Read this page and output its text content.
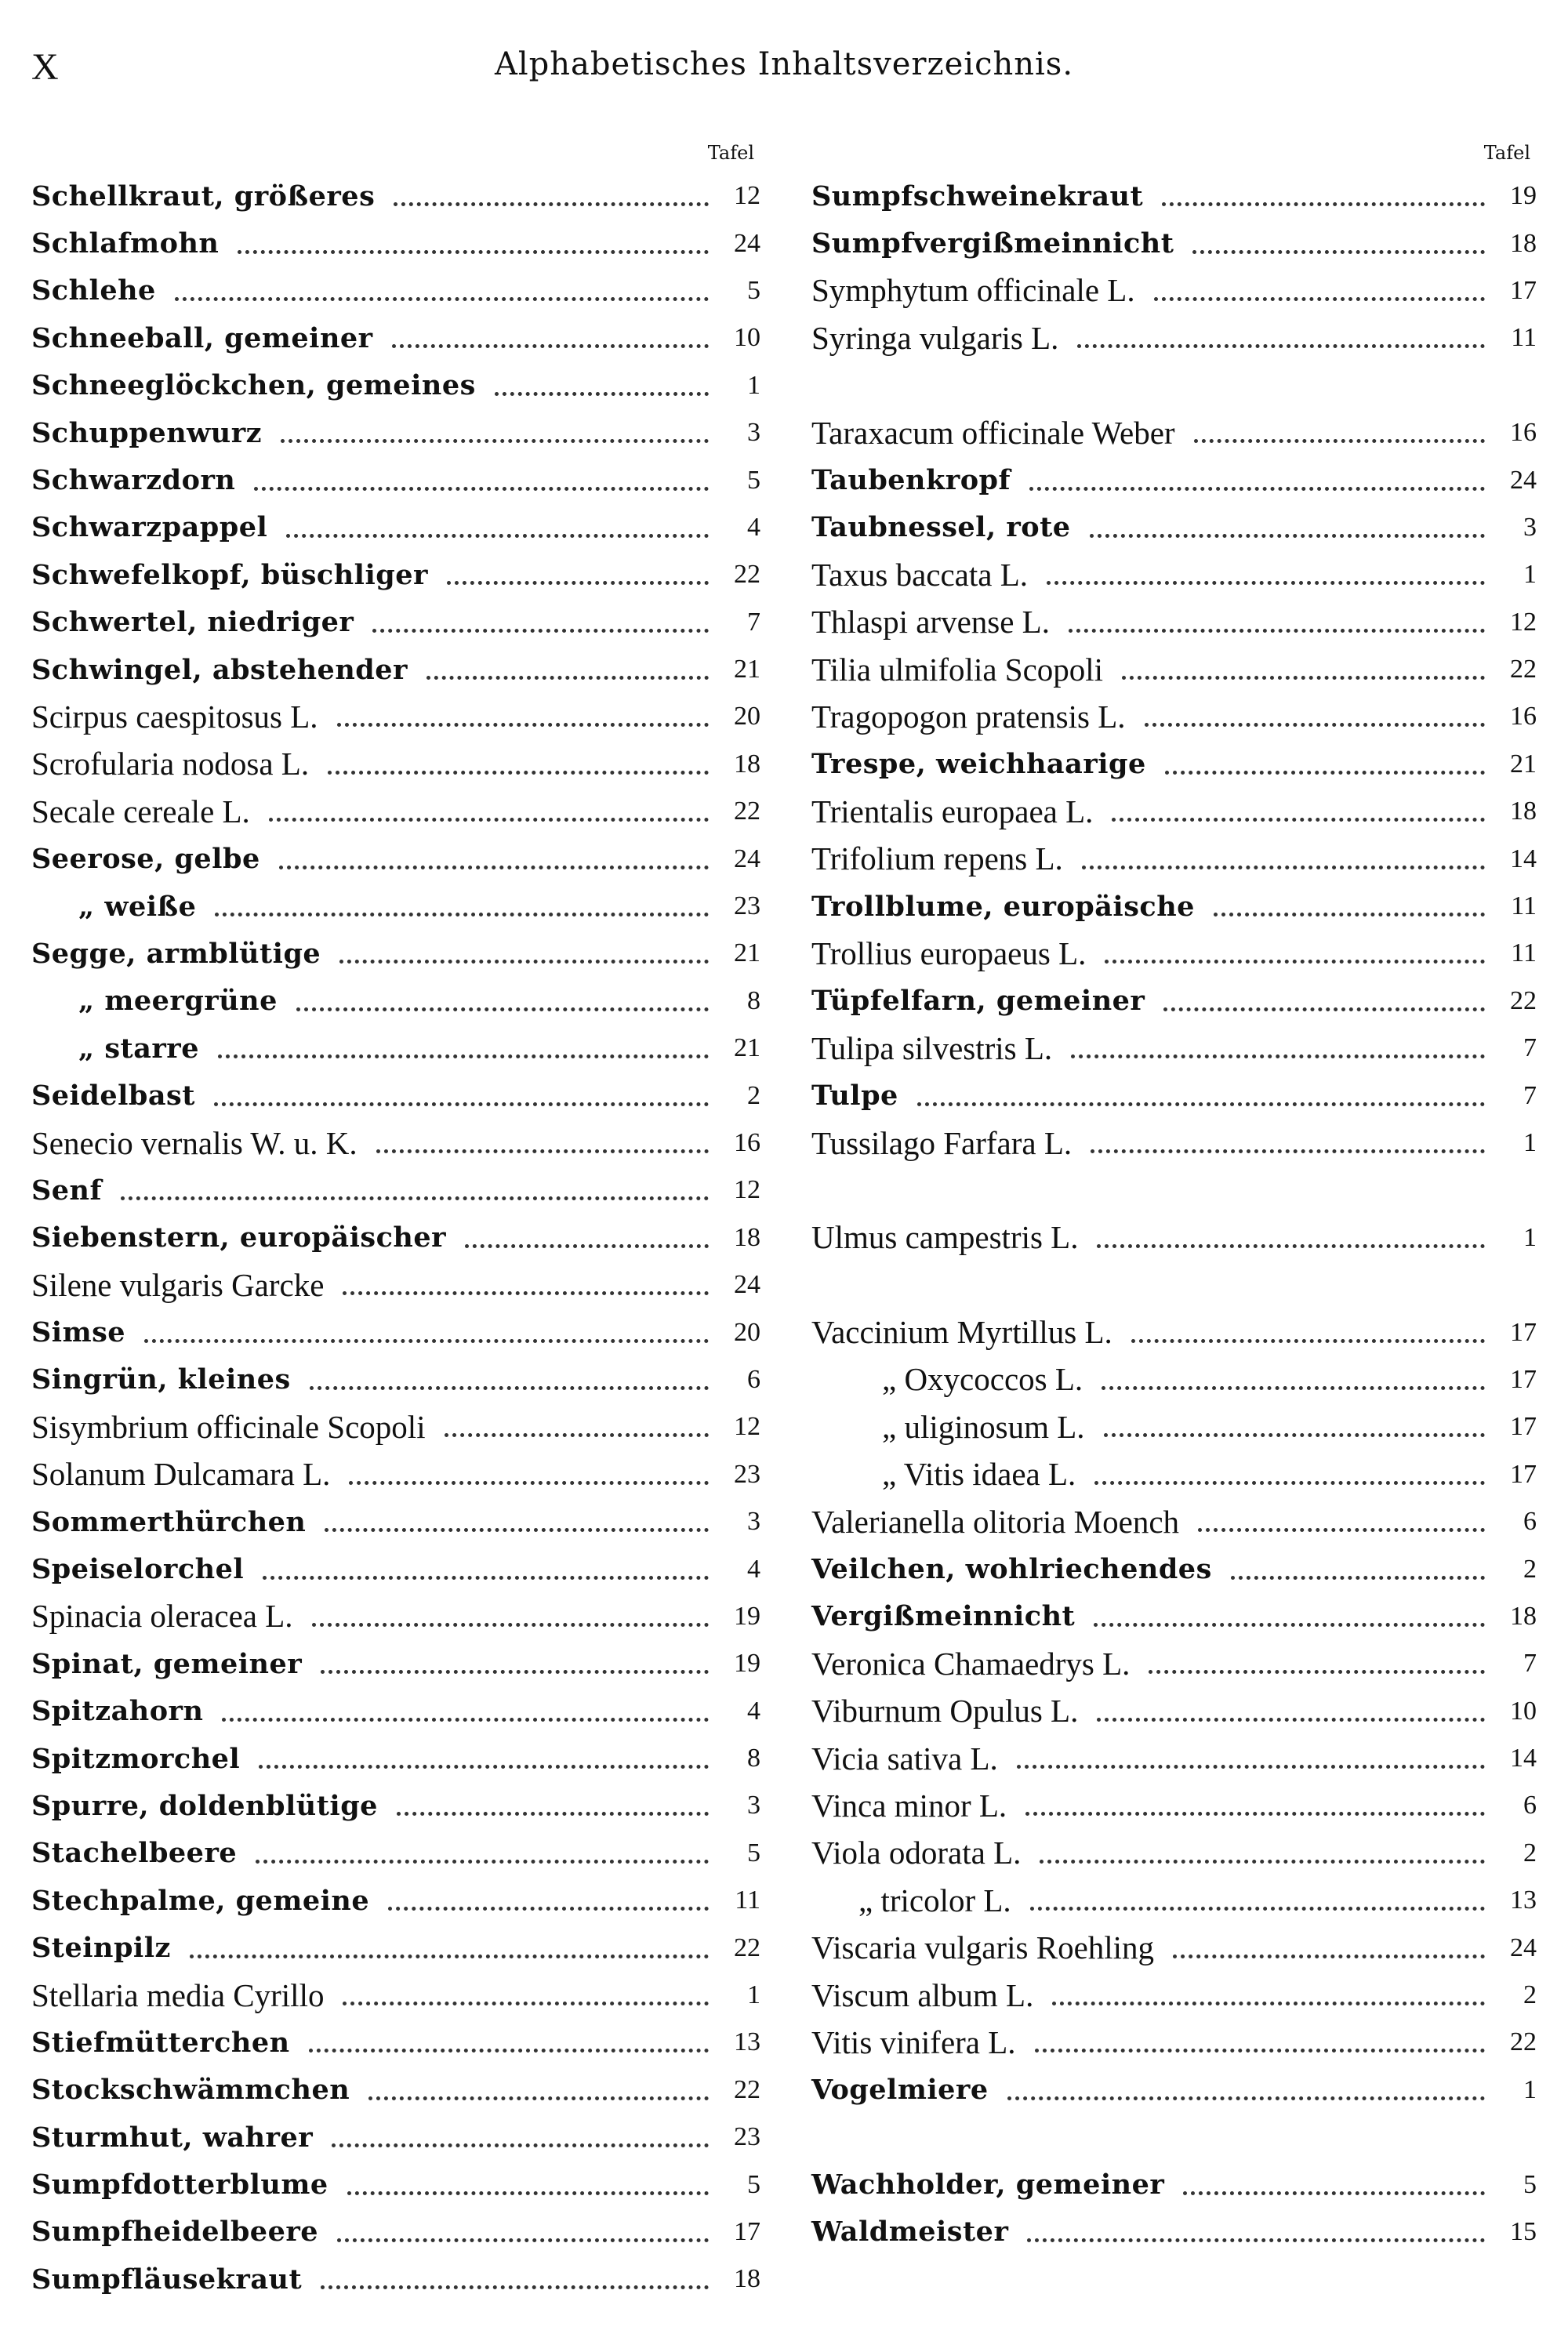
X	Alphabetisches Inhaltsverzeichnis.
Tafel
Schellkraut, größeres	12
Schlafmohn	24
Schlehe	5
Schneeball, gemeiner	10
Schneeglöckchen, gemeines	1
Schuppenwurz	3
Schwarzdorn	5
Schwarzpappel	4
Schwefelkopf, büschliger	22
Schwertel, niedriger	7
Schwingel, abstehender	21
Scirpus caespitosus L.	20
Scrofularia nodosa L.	18
Secale cereale L.	22
Seerose, gelbe	24
„ weiße	23
Segge, armblütige	21
„ meergrüne	8
„ starre	21
Seidelbast	2
Senecio vernalis W. u. K.	16
Senf	12
Siebenstern, europäischer	18
Silene vulgaris Garcke	24
Simse	20
Singrün, kleines	6
Sisymbrium officinale Scopoli	12
Solanum Dulcamara L.	23
Sommerthürchen	3
Speiselorchel	4
Spinacia oleracea L.	19
Spinat, gemeiner	19
Spitzahorn	4
Spitzmorchel	8
Spurre, doldenblütige	3
Stachelbeere	5
Stechpalme, gemeine	11
Steinpilz	22
Stellaria media Cyrillo	1
Stiefmütterchen	13
Stockschwämmchen	22
Sturmhut, wahrer	23
Sumpfdotterblume	5
Sumpfheidelbeere	17
Sumpfläusekraut	18
Tafel
Sumpfschweinekraut	19
Sumpfvergißmeinnicht	18
Symphytum officinale L.	17
Syringa vulgaris L.	11
Taraxacum officinale Weber	16
Taubenkropf	24
Taubnessel, rote	3
Taxus baccata L.	1
Thlaspi arvense L.	12
Tilia ulmifolia Scopoli	22
Tragopogon pratensis L.	16
Trespe, weichhaarige	21
Trientalis europaea L.	18
Trifolium repens L.	14
Trollblume, europäische	11
Trollius europaeus L.	11
Tüpfelfarn, gemeiner	22
Tulipa silvestris L.	7
Tulpe	7
Tussilago Farfara L.	1
Ulmus campestris L.	1
Vaccinium Myrtillus L.	17
„ Oxycoccos L.	17
„ uliginosum L.	17
„ Vitis idaea L.	17
Valerianella olitoria Moench	6
Veilchen, wohlriechendes	2
Vergißmeinnicht	18
Veronica Chamaedrys L.	7
Viburnum Opulus L.	10
Vicia sativa L.	14
Vinca minor L.	6
Viola odorata L.	2
„ tricolor L.	13
Viscaria vulgaris Roehling	24
Viscum album L.	2
Vitis vinifera L.	22
Vogelmiere	1
Wachholder, gemeiner	5
Waldmeister	15
